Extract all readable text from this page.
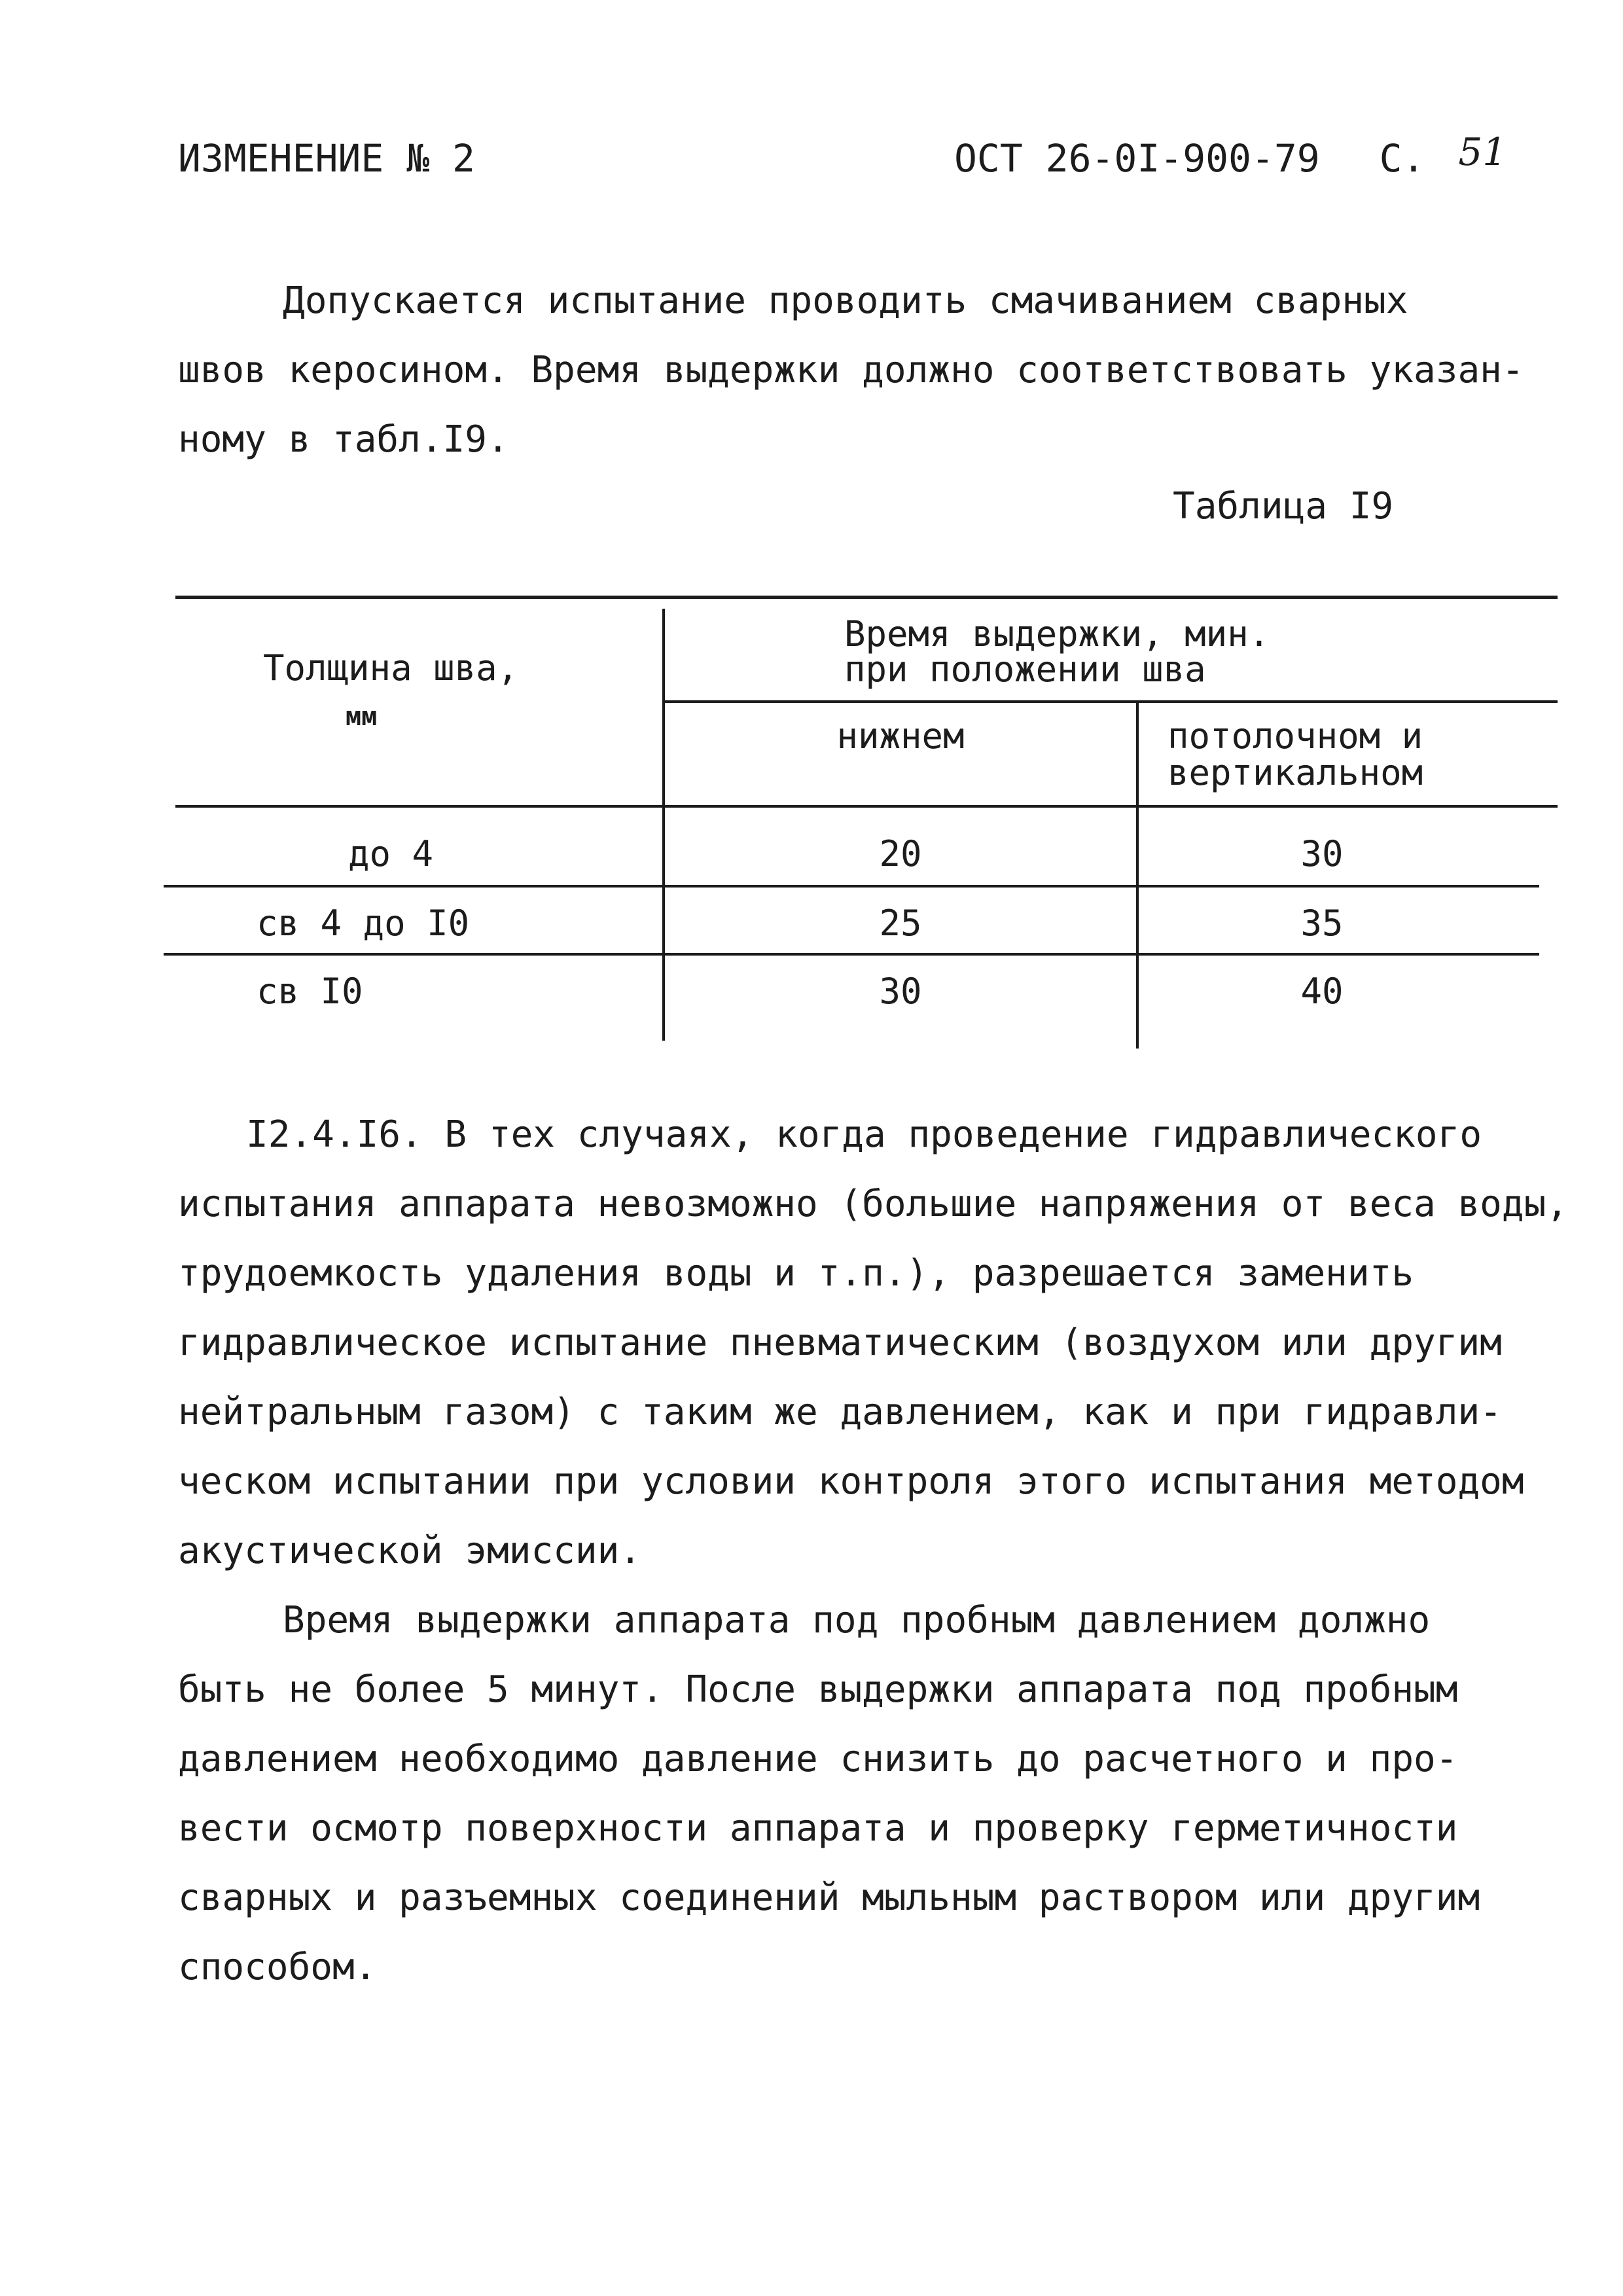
ИЗМЕНЕНИЕ № 2	ОСТ 26-0I-900-79 С. 51
Допускается испытание проводить смачиванием сварных
швов керосином. Время выдержки должно соответствовать указан-
ному в табл.I9.
Таблица I9
Толщина шва,
мм
Время выдержки, мин.
при положении шва
нижнем	потолочном и
вертикальном
до 4	20	30
св 4 до I0	25	35
св I0	30	40
I2.4.I6. В тех случаях, когда проведение гидравлического
испытания аппарата невозможно (большие напряжения от веса воды,
трудоемкость удаления воды и т.п.), разрешается заменить
гидравлическое испытание пневматическим (воздухом или другим
нейтральным газом) с таким же давлением, как и при гидравли-
ческом испытании при условии контроля этого испытания методом
акустической эмиссии.
Время выдержки аппарата под пробным давлением должно
быть не более 5 минут. После выдержки аппарата под пробным
давлением необходимо давление снизить до расчетного и про-
вести осмотр поверхности аппарата и проверку герметичности
сварных и разъемных соединений мыльным раствором или другим
способом.
